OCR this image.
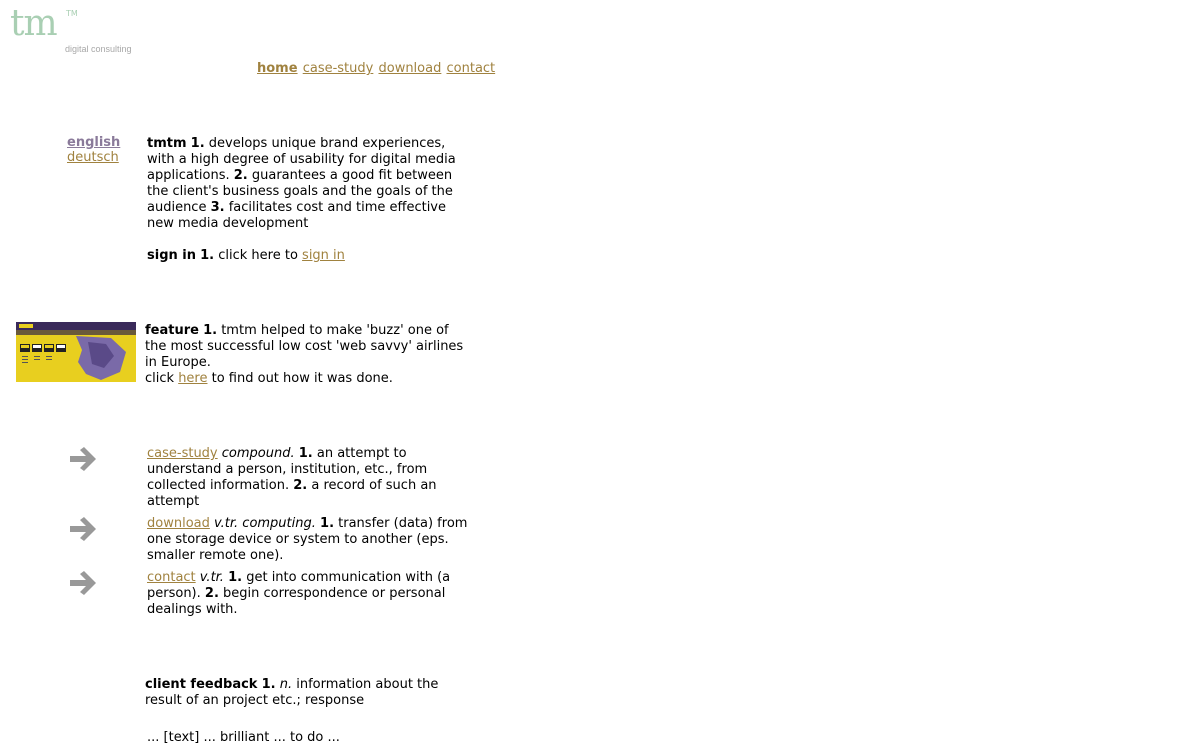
tm TM
digital consulting
home case-study download contact
english
deutsch
tmtm 1. develops unique brand experiences, with a high degree of usability for digital media applications. 2. guarantees a good fit between the client's business goals and the goals of the audience 3. facilitates cost and time effective new media development
sign in 1. click here to sign in
feature 1. tmtm helped to make 'buzz' one of the most successful low cost 'web savvy' airlines in Europe.
click here to find out how it was done.
case-study compound. 1. an attempt to understand a person, institution, etc., from collected information. 2. a record of such an attempt
download v.tr. computing. 1. transfer (data) from one storage device or system to another (eps. smaller remote one).
contact v.tr. 1. get into communication with (a person). 2. begin correspondence or personal dealings with.
client feedback 1. n. information about the result of an project etc.; response
... [text] ... brilliant ... to do ...
